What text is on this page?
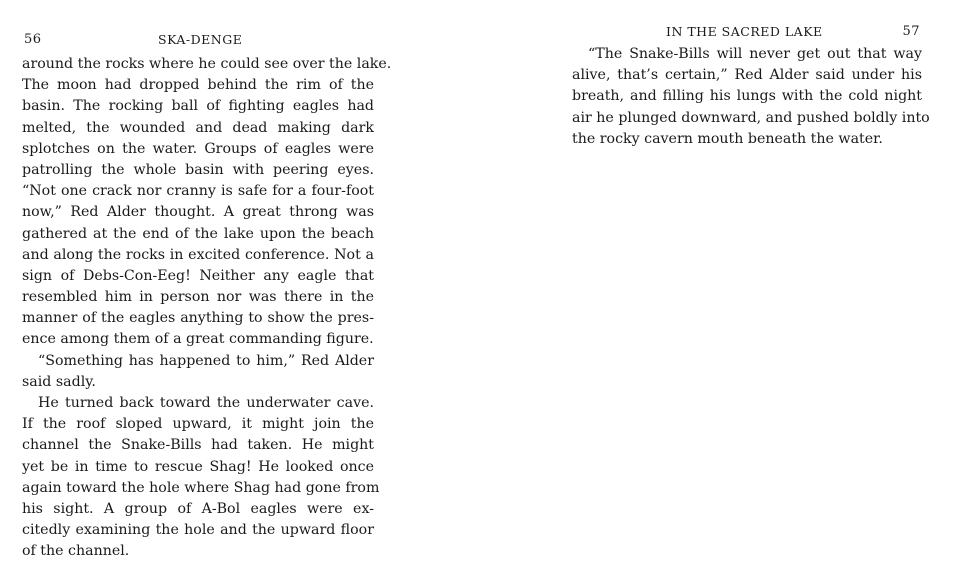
56	SKA-DENGE
around the rocks where he could see over the lake.
The moon had dropped behind the rim of the
basin. The rocking ball of fighting eagles had
melted, the wounded and dead making dark
splotches on the water. Groups of eagles were
patrolling the whole basin with peering eyes.
“Not one crack nor cranny is safe for a four-foot
now,” Red Alder thought. A great throng was
gathered at the end of the lake upon the beach
and along the rocks in excited conference. Not a
sign of Debs-Con-Eeg! Neither any eagle that
resembled him in person nor was there in the
manner of the eagles anything to show the pres-
ence among them of a great commanding figure.
“Something has happened to him,” Red Alder
said sadly.
He turned back toward the underwater cave.
If the roof sloped upward, it might join the
channel the Snake-Bills had taken. He might
yet be in time to rescue Shag! He looked once
again toward the hole where Shag had gone from
his sight. A group of A-Bol eagles were ex-
citedly examining the hole and the upward floor
of the channel.
IN THE SACRED LAKE	57
“The Snake-Bills will never get out that way
alive, that’s certain,” Red Alder said under his
breath, and filling his lungs with the cold night
air he plunged downward, and pushed boldly into
the rocky cavern mouth beneath the water.
